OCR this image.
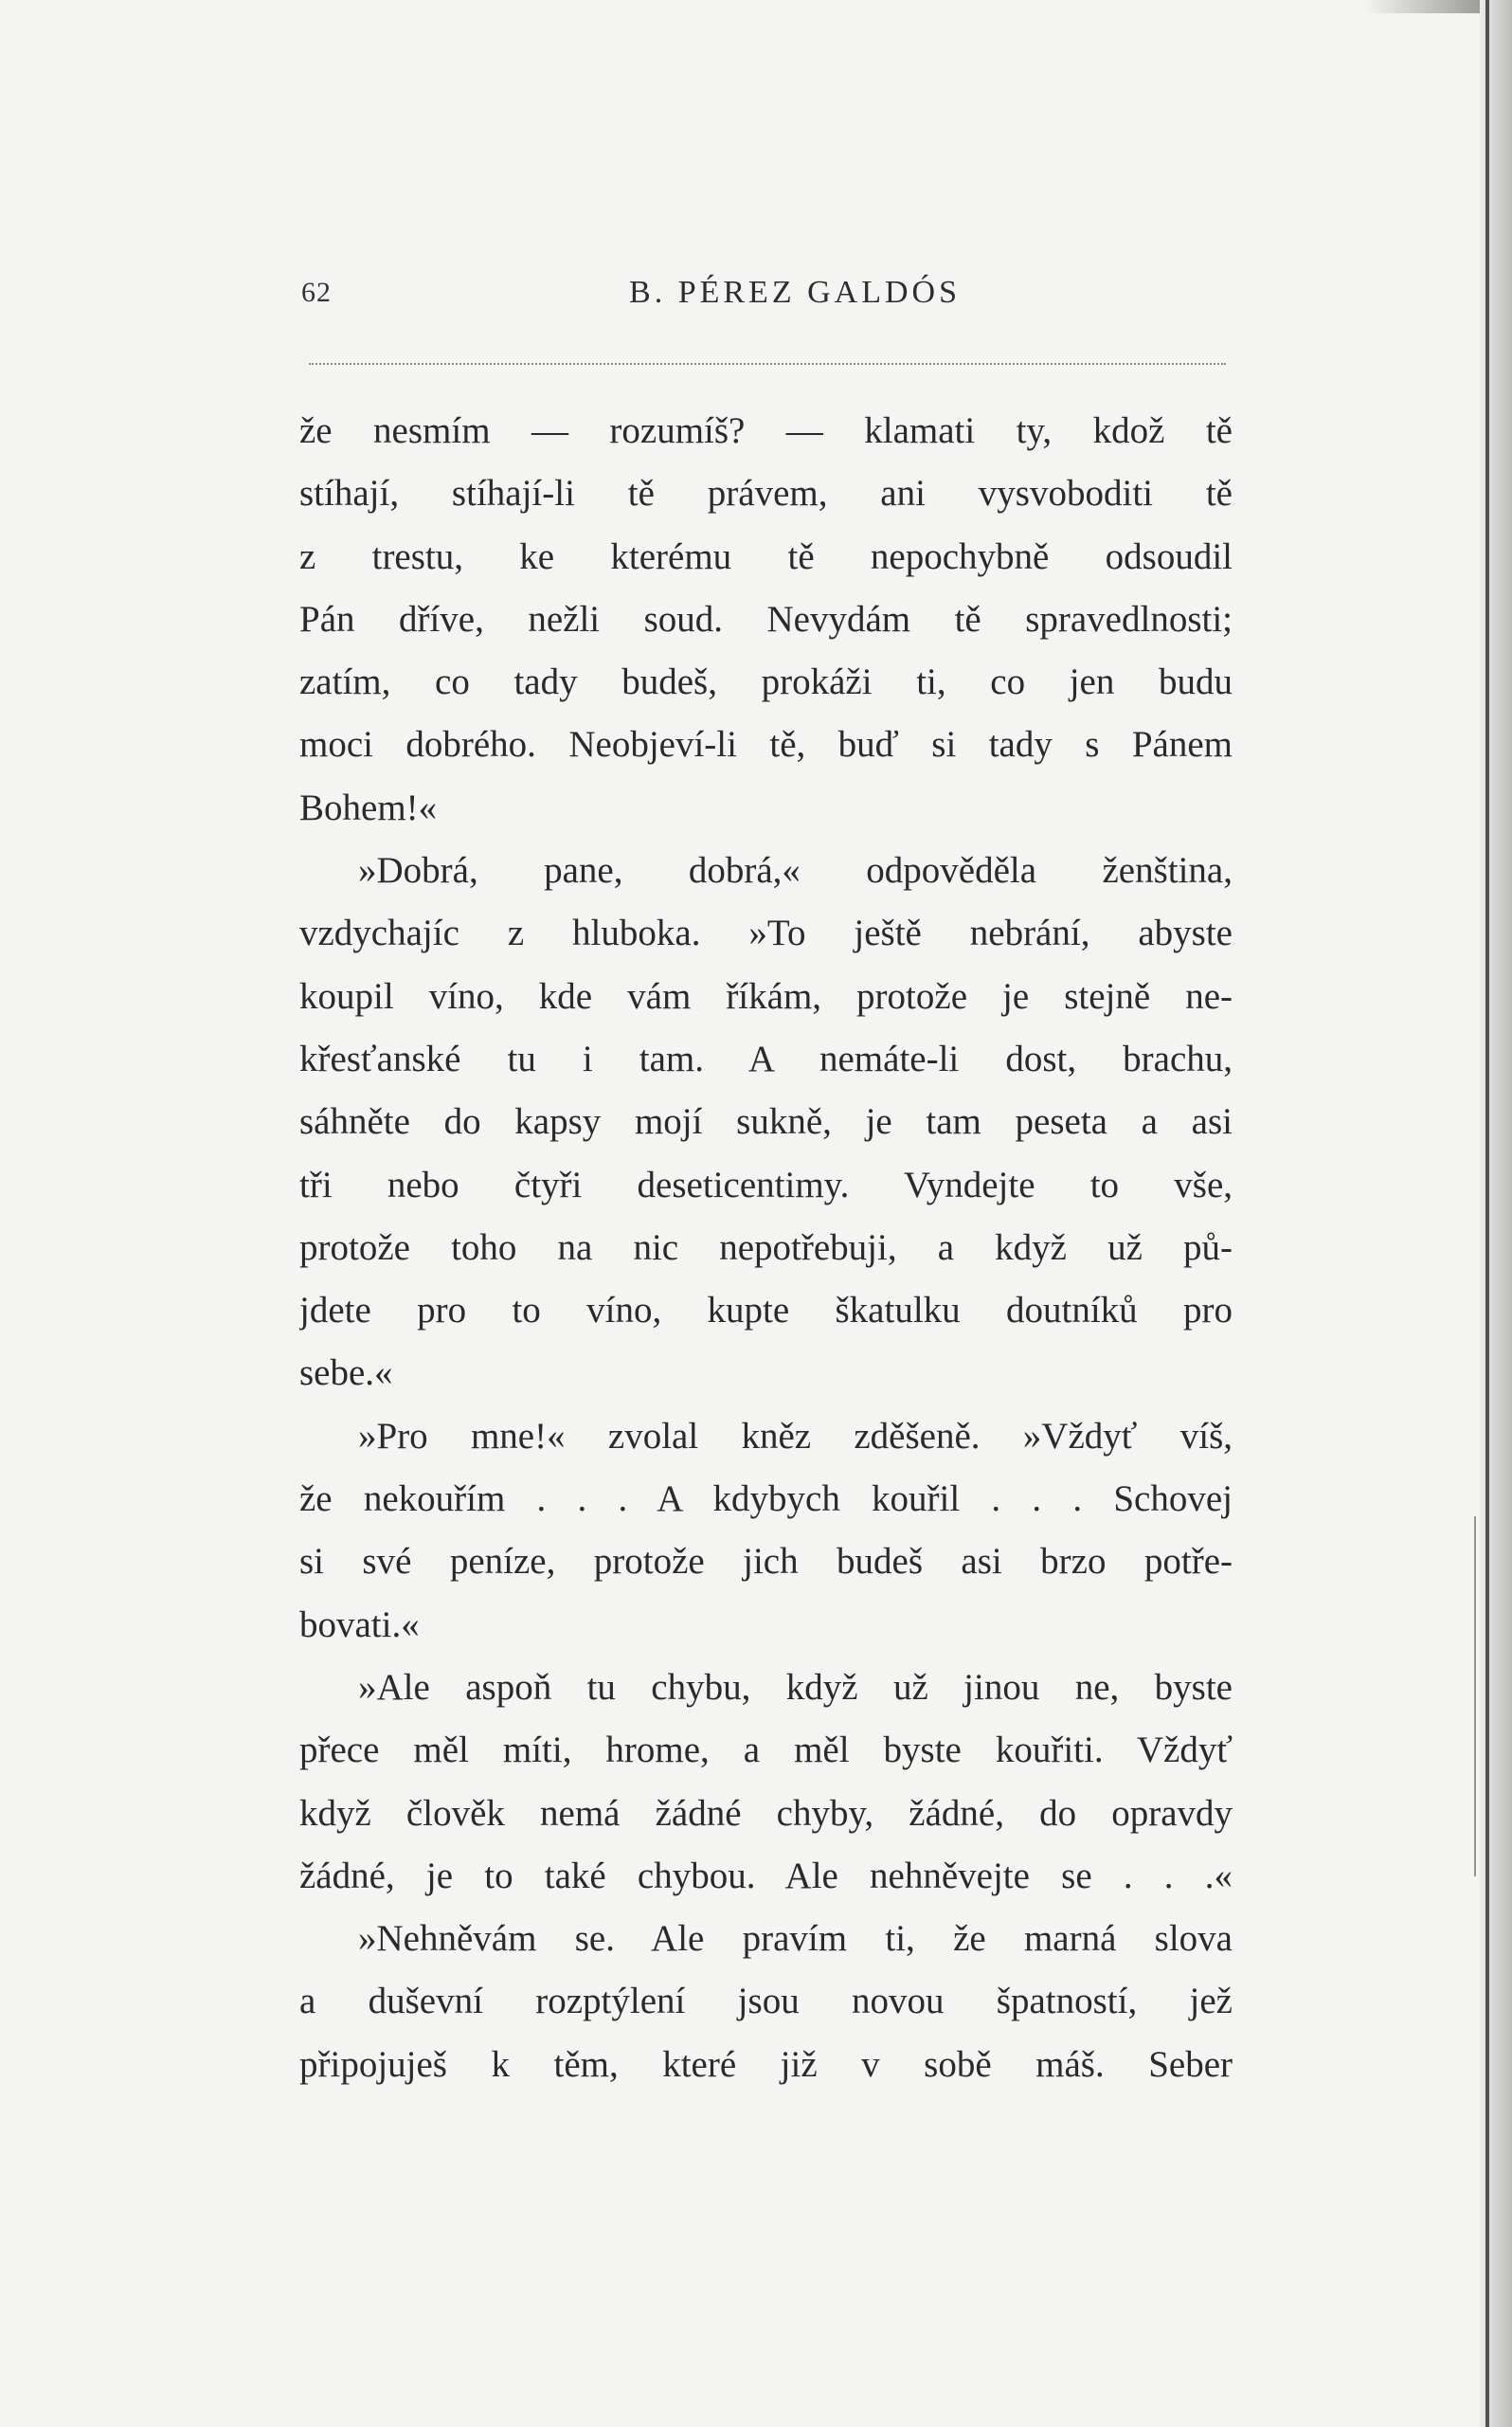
62	B. PÉREZ GALDÓS
že nesmím — rozumíš? — klamati ty, kdož tě
stíhají, stíhají-li tě právem, ani vysvoboditi tě
z trestu, ke kterému tě nepochybně odsoudil
Pán dříve, nežli soud. Nevydám tě spravedlnosti;
zatím, co tady budeš, prokáži ti, co jen budu
moci dobrého. Neobjeví-li tě, buď si tady s Pánem
Bohem!«
»Dobrá, pane, dobrá,« odpověděla ženština,
vzdychajíc z hluboka. »To ještě nebrání, abyste
koupil víno, kde vám říkám, protože je stejně ne-
křesťanské tu i tam. A nemáte-li dost, brachu,
sáhněte do kapsy mojí sukně, je tam peseta a asi
tři nebo čtyři deseticentimy. Vyndejte to vše,
protože toho na nic nepotřebuji, a když už pů-
jdete pro to víno, kupte škatulku doutníků pro
sebe.«
»Pro mne!« zvolal kněz zděšeně. »Vždyť víš,
že nekouřím . . . A kdybych kouřil . . . Schovej
si své peníze, protože jich budeš asi brzo potře-
bovati.«
»Ale aspoň tu chybu, když už jinou ne, byste
přece měl míti, hrome, a měl byste kouřiti. Vždyť
když člověk nemá žádné chyby, žádné, do opravdy
žádné, je to také chybou. Ale nehněvejte se . . .«
»Nehněvám se. Ale pravím ti, že marná slova
a duševní rozptýlení jsou novou špatností, jež
připojuješ k těm, které již v sobě máš. Seber
